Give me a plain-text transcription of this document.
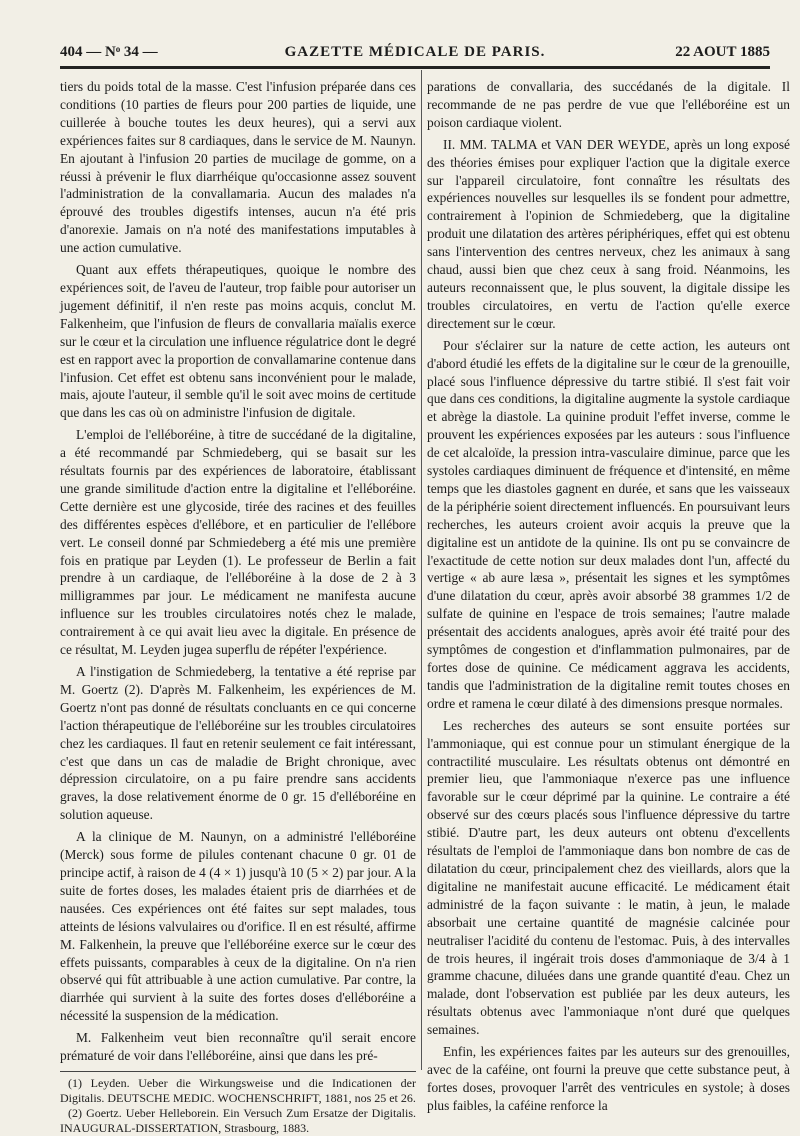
404 — Nᵒ 34 —	GAZETTE MÉDICALE DE PARIS.	22 AOUT 1885

tiers du poids total de la masse. C'est l'infusion préparée dans ces conditions (10 parties de fleurs pour 200 parties de liquide, une cuillerée à bouche toutes les deux heures), qui a servi aux expériences faites sur 8 cardiaques, dans le service de M. Naunyn. En ajoutant à l'infusion 20 parties de mucilage de gomme, on a réussi à prévenir le flux diarrhéique qu'occasionne assez souvent l'administration de la convallamaria. Aucun des malades n'a éprouvé des troubles digestifs intenses, aucun n'a été pris d'anorexie. Jamais on n'a noté des manifestations imputables à une action cumulative.

Quant aux effets thérapeutiques, quoique le nombre des expériences soit, de l'aveu de l'auteur, trop faible pour autoriser un jugement définitif, il n'en reste pas moins acquis, conclut M. Falkenheim, que l'infusion de fleurs de convallaria maïalis exerce sur le cœur et la circulation une influence régulatrice dont le degré est en rapport avec la proportion de convallamarine contenue dans l'infusion. Cet effet est obtenu sans inconvénient pour le malade, mais, ajoute l'auteur, il semble qu'il le soit avec moins de certitude que dans les cas où on administre l'infusion de digitale.

L'emploi de l'elléboréine, à titre de succédané de la digitaline, a été recommandé par Schmiedeberg, qui se basait sur les résultats fournis par des expériences de laboratoire, établissant une grande similitude d'action entre la digitaline et l'elléboréine. Cette dernière est une glycoside, tirée des racines et des feuilles des différentes espèces d'ellébore, et en particulier de l'ellébore vert. Le conseil donné par Schmiedeberg a été mis une première fois en pratique par Leyden (1). Le professeur de Berlin a fait prendre à un cardiaque, de l'elléboréine à la dose de 2 à 3 milligrammes par jour. Le médicament ne manifesta aucune influence sur les troubles circulatoires notés chez le malade, contrairement à ce qui avait lieu avec la digitale. En présence de ce résultat, M. Leyden jugea superflu de répéter l'expérience.

A l'instigation de Schmiedeberg, la tentative a été reprise par M. Goertz (2). D'après M. Falkenheim, les expériences de M. Goertz n'ont pas donné de résultats concluants en ce qui concerne l'action thérapeutique de l'elléboréine sur les troubles circulatoires chez les cardiaques. Il faut en retenir seulement ce fait intéressant, c'est que dans un cas de maladie de Bright chronique, avec dépression circulatoire, on a pu faire prendre sans accidents graves, la dose relativement énorme de 0 gr. 15 d'elléboréine en solution aqueuse.

A la clinique de M. Naunyn, on a administré l'elléboréine (Merck) sous forme de pilules contenant chacune 0 gr. 01 de principe actif, à raison de 4 (4 × 1) jusqu'à 10 (5 × 2) par jour. A la suite de fortes doses, les malades étaient pris de diarrhées et de nausées. Ces expériences ont été faites sur sept malades, tous atteints de lésions valvulaires ou d'orifice. Il en est résulté, affirme M. Falkenhein, la preuve que l'elléboréine exerce sur le cœur des effets puissants, comparables à ceux de la digitaline. On n'a rien observé qui fût attribuable à une action cumulative. Par contre, la diarrhée qui survient à la suite des fortes doses d'elléboréine a nécessité la suspension de la médication.

M. Falkenheim veut bien reconnaître qu'il serait encore prématuré de voir dans l'elléboréine, ainsi que dans les pré-

(1) Leyden. Ueber die Wirkungsweise und die Indicationen der Digitalis. DEUTSCHE MEDIC. WOCHENSCHRIFT, 1881, nos 25 et 26.

(2) Goertz. Ueber Helleborein. Ein Versuch Zum Ersatze der Digitalis. INAUGURAL-DISSERTATION, Strasbourg, 1883.

parations de convallaria, des succédanés de la digitale. Il recommande de ne pas perdre de vue que l'elléboréine est un poison cardiaque violent.

II. MM. TALMA et VAN DER WEYDE, après un long exposé des théories émises pour expliquer l'action que la digitale exerce sur l'appareil circulatoire, font connaître les résultats des expériences nouvelles sur lesquelles ils se fondent pour admettre, contrairement à l'opinion de Schmiedeberg, que la digitaline produit une dilatation des artères périphériques, effet qui est obtenu sans l'intervention des centres nerveux, chez les animaux à sang chaud, aussi bien que chez ceux à sang froid. Néanmoins, les auteurs reconnaissent que, le plus souvent, la digitale dissipe les troubles circulatoires, en vertu de l'action qu'elle exerce directement sur le cœur.

Pour s'éclairer sur la nature de cette action, les auteurs ont d'abord étudié les effets de la digitaline sur le cœur de la grenouille, placé sous l'influence dépressive du tartre stibié. Il s'est fait voir que dans ces conditions, la digitaline augmente la systole cardiaque et abrège la diastole. La quinine produit l'effet inverse, comme le prouvent les expériences exposées par les auteurs : sous l'influence de cet alcaloïde, la pression intra-vasculaire diminue, parce que les systoles cardiaques diminuent de fréquence et d'intensité, en même temps que les diastoles gagnent en durée, et sans que les vaisseaux de la périphérie soient directement influencés. En poursuivant leurs recherches, les auteurs croient avoir acquis la preuve que la digitaline est un antidote de la quinine. Ils ont pu se convaincre de l'exactitude de cette notion sur deux malades dont l'un, affecté du vertige « ab aure læsa », présentait les signes et les symptômes d'une dilatation du cœur, après avoir absorbé 38 grammes 1/2 de sulfate de quinine en l'espace de trois semaines; l'autre malade présentait des accidents analogues, après avoir été traité pour des symptômes de congestion et d'inflammation pulmonaires, par de fortes dose de quinine. Ce médicament aggrava les accidents, tandis que l'administration de la digitaline remit toutes choses en ordre et ramena le cœur dilaté à des dimensions presque normales.

Les recherches des auteurs se sont ensuite portées sur l'ammoniaque, qui est connue pour un stimulant énergique de la contractilité musculaire. Les résultats obtenus ont démontré en premier lieu, que l'ammoniaque n'exerce pas une influence favorable sur le cœur déprimé par la quinine. Le contraire a été observé sur des cœurs placés sous l'influence dépressive du tartre stibié. D'autre part, les deux auteurs ont obtenu d'excellents résultats de l'emploi de l'ammoniaque dans bon nombre de cas de dilatation du cœur, principalement chez des vieillards, alors que la digitaline ne manifestait aucune efficacité. Le médicament était administré de la façon suivante : le matin, à jeun, le malade absorbait une certaine quantité de magnésie calcinée pour neutraliser l'acidité du contenu de l'estomac. Puis, à des intervalles de trois heures, il ingérait trois doses d'ammoniaque de 3/4 à 1 gramme chacune, diluées dans une grande quantité d'eau. Chez un malade, dont l'observation est publiée par les deux auteurs, les résultats obtenus avec l'ammoniaque n'ont duré que quelques semaines.

Enfin, les expériences faites par les auteurs sur des grenouilles, avec de la caféine, ont fourni la preuve que cette substance peut, à fortes doses, provoquer l'arrêt des ventricules en systole; à doses plus faibles, la caféine renforce la
